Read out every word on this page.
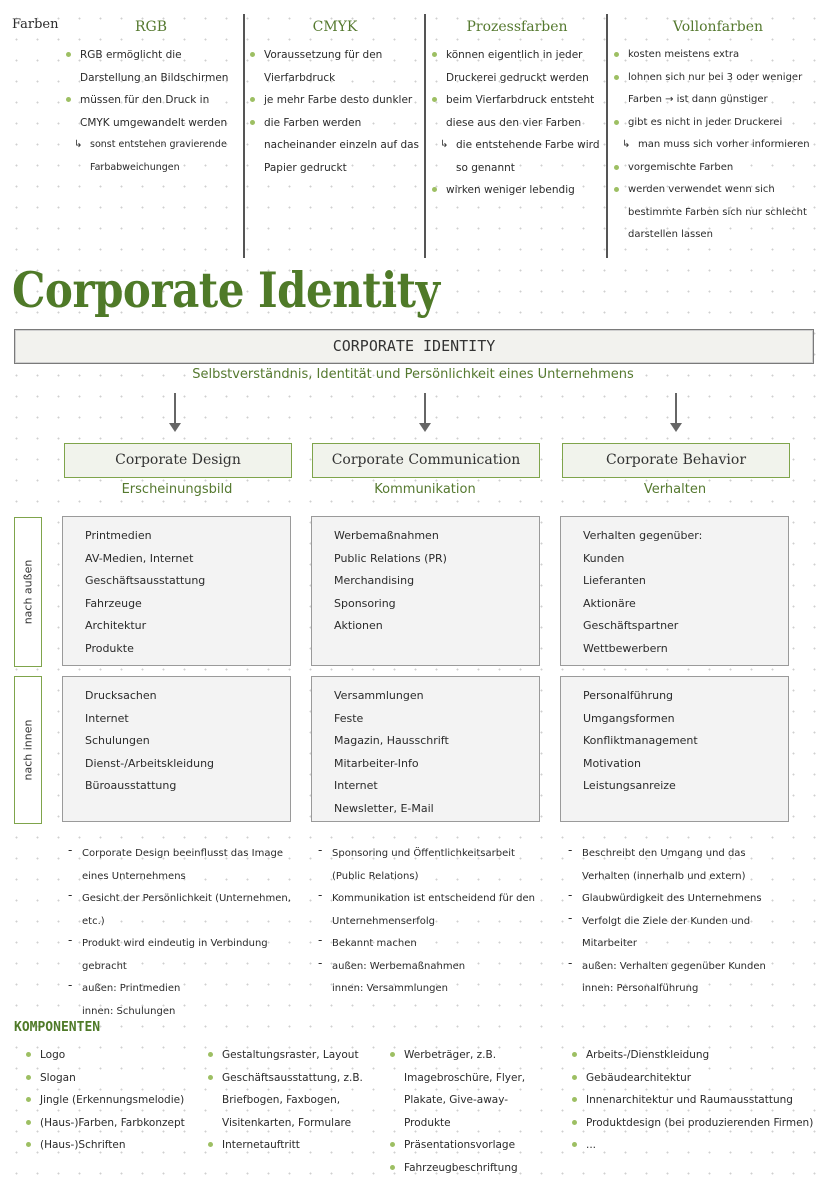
Farben	RGB
RGB ermöglicht die Darstellung an Bildschirmen
müssen für den Druck in CMYK umgewandelt werden
↳ sonst entstehen gravierende Farbabweichungen
CMYK
Voraussetzung für den Vierfarbdruck
je mehr Farbe desto dunkler
die Farben werden nacheinander einzeln auf das Papier gedruckt
Prozessfarben
können eigentlich in jeder Druckerei gedruckt werden
beim Vierfarbdruck entsteht diese aus den vier Farben
↳ die entstehende Farbe wird so genannt
wirken weniger lebendig
Vollonfarben
kosten meistens extra
lohnen sich nur bei 3 oder weniger Farben → ist dann günstiger
gibt es nicht in jeder Druckerei
↳ man muss sich vorher informieren
vorgemischte Farben
werden verwendet wenn sich bestimmte Farben sich nur schlecht darstellen lassen
Corporate Identity
CORPORATE IDENTITY
Selbstverständnis, Identität und Persönlichkeit eines Unternehmens
Corporate Design
Erscheinungsbild
Corporate Communication
Kommunikation
Corporate Behavior
Verhalten
nach außen
nach innen
Printmedien
AV-Medien, Internet
Geschäftsausstattung
Fahrzeuge
Architektur
Produkte
Werbemaßnahmen
Public Relations (PR)
Merchandising
Sponsoring
Aktionen
Verhalten gegenüber:
Kunden
Lieferanten
Aktionäre
Geschäftspartner
Wettbewerbern
Drucksachen
Internet
Schulungen
Dienst-/Arbeitskleidung
Büroausstattung
Versammlungen
Feste
Magazin, Hausschrift
Mitarbeiter-Info
Internet
Newsletter, E-Mail
Personalführung
Umgangsformen
Konfliktmanagement
Motivation
Leistungsanreize
- Corporate Design beeinflusst das Image eines Unternehmens
- Gesicht der Persönlichkeit (Unternehmen, etc.)
- Produkt wird eindeutig in Verbindung gebracht
- außen: Printmedien
innen: Schulungen
- Sponsoring und Öffentlichkeitsarbeit (Public Relations)
- Kommunikation ist entscheidend für den Unternehmenserfolg
- Bekannt machen
- außen: Werbemaßnahmen
innen: Versammlungen
- Beschreibt den Umgang und das Verhalten (innerhalb und extern)
- Glaubwürdigkeit des Unternehmens
- Verfolgt die Ziele der Kunden und Mitarbeiter
- außen: Verhalten gegenüber Kunden
innen: Personalführung
KOMPONENTEN
Logo
Slogan
Jingle (Erkennungsmelodie)
(Haus-)Farben, Farbkonzept
(Haus-)Schriften
Gestaltungsraster, Layout
Geschäftsausstattung, z.B. Briefbogen, Faxbogen, Visitenkarten, Formulare
Internetauftritt
Werbeträger, z.B. Imagebroschüre, Flyer, Plakate, Give-away-Produkte
Präsentationsvorlage
Fahrzeugbeschriftung
Arbeits-/Dienstkleidung
Gebäudearchitektur
Innenarchitektur und Raumausstattung
Produktdesign (bei produzierenden Firmen)
...
